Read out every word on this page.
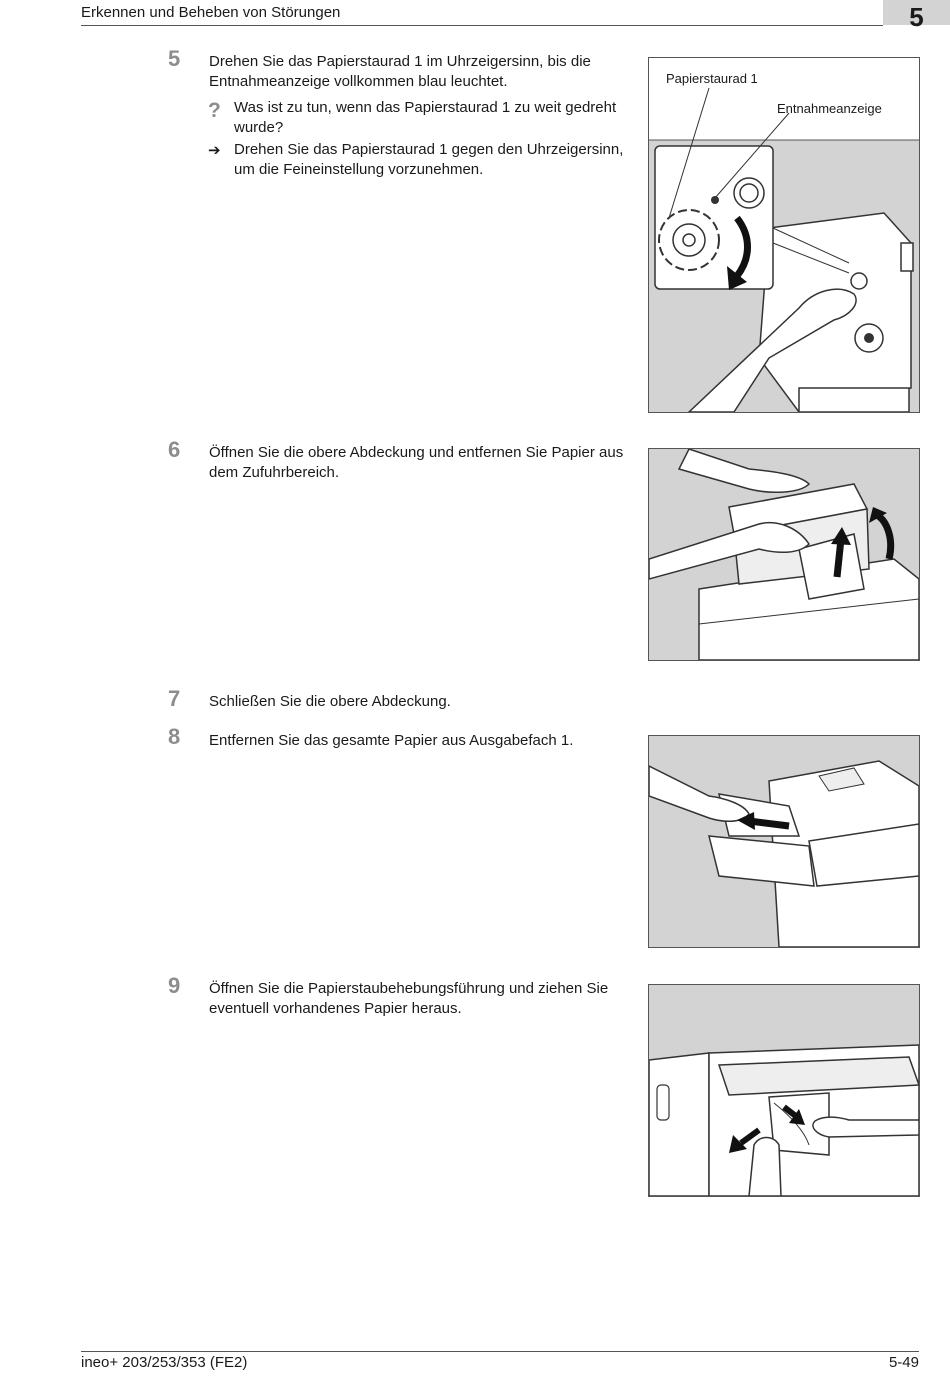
Erkennen und Beheben von Störungen	5
5 Drehen Sie das Papierstaurad 1 im Uhrzeigersinn, bis die Entnahmeanzeige vollkommen blau leuchtet.
? Was ist zu tun, wenn das Papierstaurad 1 zu weit gedreht wurde?
➔ Drehen Sie das Papierstaurad 1 gegen den Uhrzeigersinn, um die Feineinstellung vorzunehmen.
Papierstaurad 1
Entnahmeanzeige
6 Öffnen Sie die obere Abdeckung und entfernen Sie Papier aus dem Zufuhrbereich.
7 Schließen Sie die obere Abdeckung.
8 Entfernen Sie das gesamte Papier aus Ausgabefach 1.
9 Öffnen Sie die Papierstaubehebungsführung und ziehen Sie eventuell vorhandenes Papier heraus.
ineo+ 203/253/353 (FE2)	5-49
